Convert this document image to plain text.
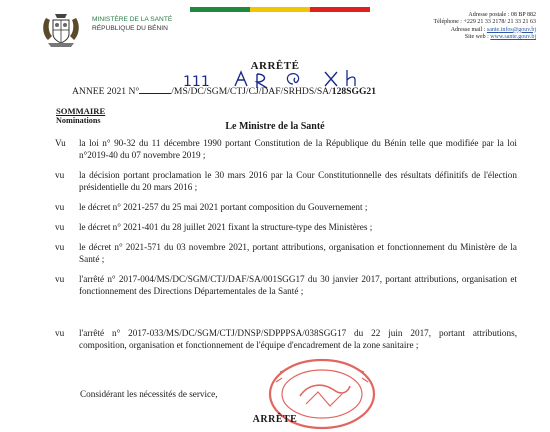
MINISTÈRE DE LA SANTÉ
RÉPUBLIQUE DU BÉNIN
Adresse postale : 08 BP 882
Téléphone : +229 21 33 2178/ 21 33 21 63
Adresse mail : sante.infos@gouv.bj
Site web : www.sante.gouv.bj
ARRÊTÉ
111
ANNEE 2021 N°	/MS/DC/SGM/CTJ/CJ/DAF/SRHDS/SA/128SGG21
SOMMAIRE
Nominations
Le Ministre de la Santé
Vu	la loi n° 90-32 du 11 décembre 1990 portant Constitution de la République du Bénin telle que modifiée par la loi n°2019-40 du 07 novembre 2019 ;
vu	la décision portant proclamation le 30 mars 2016 par la Cour Constitutionnelle des résultats définitifs de l'élection présidentielle du 20 mars 2016 ;
vu	le décret n° 2021-257 du 25 mai 2021 portant composition du Gouvernement ;
vu	le décret n° 2021-401 du 28 juillet 2021 fixant la structure-type des Ministères ;
vu	le décret n° 2021-571 du 03 novembre 2021, portant attributions, organisation et fonctionnement du Ministère de la Santé ;
vu	l'arrêté n° 2017-004/MS/DC/SGM/CTJ/DAF/SA/001SGG17 du 30 janvier 2017, portant attributions, organisation et fonctionnement des Directions Départementales de la Santé ;
vu	l'arrêté n° 2017-033/MS/DC/SGM/CTJ/DNSP/SDPPPSA/038SGG17 du 22 juin 2017, portant attributions, composition, organisation et fonctionnement de l'équipe d'encadrement de la zone sanitaire ;
Considérant les nécessités de service,
ARRÊTE
